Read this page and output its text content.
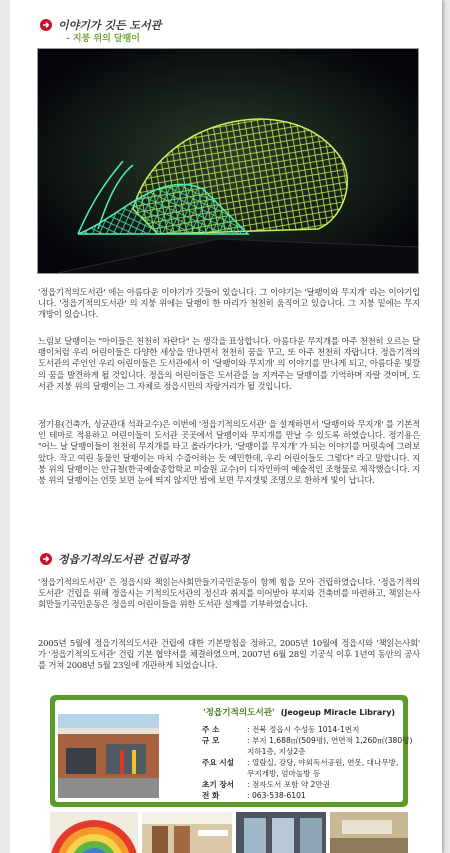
이야기가 깃든 도서관
- 지붕 위의 달팽이

'정읍기적의도서관' 에는 아름다운 이야기가 깃들어 있습니다. 그 이야기는 '달팽이와 무지개' 라는 이야기입니다. '정읍기적의도서관' 의 지붕 위에는 달팽이 한 마리가 천천히 움직이고 있습니다. 그 지붕 밑에는 무지개방이 있습니다.

느림보 달팽이는 "아이들은 천천히 자란다" 는 생각을 표상합니다. 아름다운 무지개를 아주 천천히 오르는 달팽이처럼 우리 어린이들은 다양한 세상을 만나면서 천천히 꿈을 꾸고, 또 아주 천천히 자랍니다. 정읍기적의도서관의 주인인 우리 어린이들은 도서관에서 이 '달팽이와 무지개' 의 이야기를 만나게 되고, 아름다운 빛깔의 꿈을 발견하게 될 것입니다. 정읍의 어린이들은 도서관을 늘 지켜주는 달팽이를 기억하며 자랄 것이며, 도서관 지붕 위의 달팽이는 그 자체로 정읍시민의 자랑거리가 될 것입니다.

정기용(건축가, 성균관대 석좌교수)은 이번에 '정읍기적의도서관' 을 설계하면서 '달팽이와 무지개' 를 기본적인 테마로 적용하고 어린이들이 도서관 곳곳에서 달팽이와 무지개를 만날 수 있도록 하였습니다. 정기용은 "어느 날 달팽이들이 천천히 무지개를 타고 올라가다가, '달팽이를 무지개' 가 되는 이야기를 머릿속에 그려보았다. 작고 여린 동물인 달팽이는 마치 수줍어하는 듯 예민한데, 우리 어린이들도 그렇다" 라고 말합니다. 지붕 위의 달팽이는 안규철(한국예술종합학교 미술원 교수)이 디자인하여 예술적인 조형물로 제작했습니다. 지붕 위의 달팽이는 언뜻 보면 눈에 띄지 않지만 밤에 보면 무지갯빛 조명으로 환하게 빛이 납니다.

정읍기적의도서관 건립과정

'정읍기적의도서관' 은 정읍시와 책읽는사회만들기국민운동이 함께 힘을 모아 건립하였습니다. '정읍기적의도서관' 건립을 위해 정읍시는 기적의도서관의 정신과 취지를 이어받아 부지와 건축비를 마련하고, 책읽는사회만들기국민운동은 정읍의 어린이들을 위한 도서관 설계를 기부하였습니다.

2005년 5월에 정읍기적의도서관 건립에 대한 기본방침을 정하고, 2005년 10월에 정읍시와 '책읽는사회' 가 '정읍기적의도서관' 건립 기본 협약서를 체결하였으며, 2007년 6월 28일 기공식 이후 1년여 동안의 공사를 거쳐 2008년 5월 23일에 개관하게 되었습니다.

'정읍기적의도서관' (Jeogeup Miracle Library)
주 소	: 전북 정읍시 수성동 1014-1번지
규 모	: 부지 1,688㎡(509평), 연면적 1,260㎡(380평)
지하1층, 지상2층
주요 시설 : 열람실, 강당, 야외독서공원, 연못, 대나무방,
무지개방, 엄마놀방 등
초기 장서 : 점자도서 포함 약 2만권
전 화	: 063-538-6101
